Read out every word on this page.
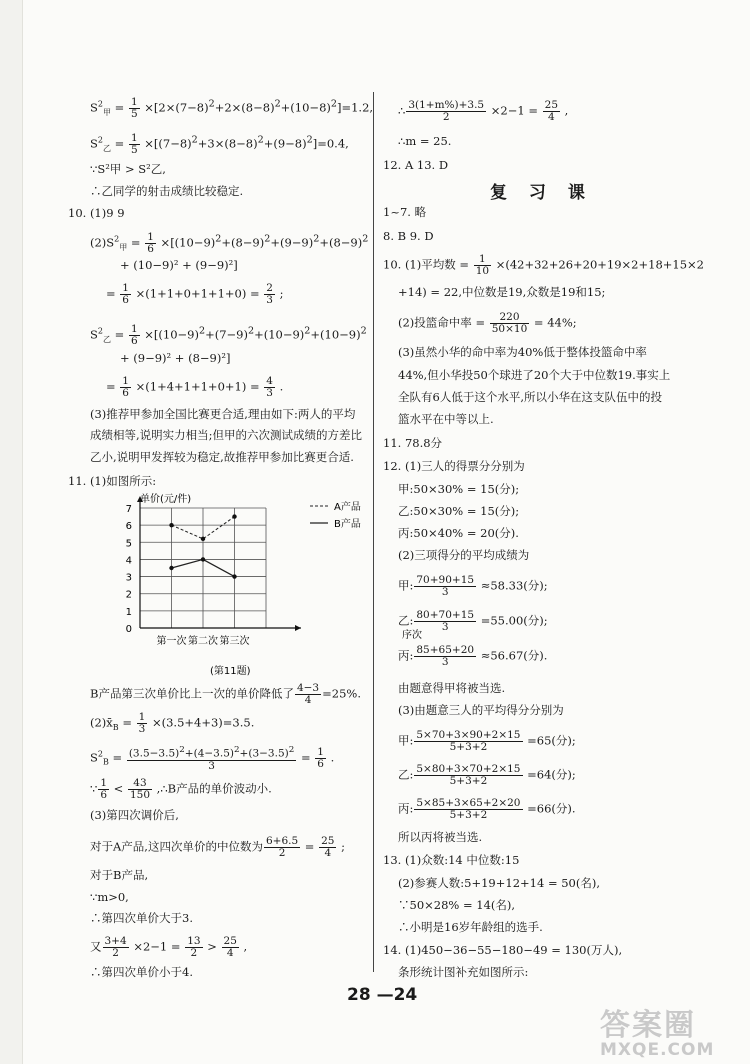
$S^2_甲 = \frac{1}{5} \times[2\times(7-8)^2+2\times(8-8)^2+(10-8)^2]=1.2$,
$S^2_乙 = \frac{1}{5} \times[(7-8)^2+3\times(8-8)^2+(9-8)^2]=0.4$,
∵S²甲 > S²乙,
∴乙同学的射击成绩比较稳定.
10. (1)9 9
$(2)S^2_甲 = \frac{1}{6} \times[(10-9)^2+(8-9)^2+(9-9)^2+(8-9)^2$
+ (10−9)² + (9−9)²]
= $\frac{1}{6} \times(1+1+0+1+1+0) = \frac{2}{3}$ ;
$S^2_乙 = \frac{1}{6} \times[(10-9)^2+(7-9)^2+(10-9)^2+(10-9)^2$
+ (9−9)² + (8−9)²]
= $\frac{1}{6} \times(1+4+1+1+0+1) = \frac{4}{3}$ .
(3)推荐甲参加全国比赛更合适,理由如下:两人的平均
成绩相等,说明实力相当;但甲的六次测试成绩的方差比
乙小,说明甲发挥较为稳定,故推荐甲参加比赛更合适.
11. (1)如图所示:
0
1
2
3
4
5
6
7
第一次 第二次 第三次
A产品
B产品
单价(元/件)
序次
(第11题)
B产品第三次单价比上一次的单价降低了 $\frac{4-3}{4} =25\%$.
$(2)x̄_B = \frac{1}{3} \times(3.5+4+3)=3.5$.
$S^2_B = \frac{(3.5-3.5)^2+(4-3.5)^2+(3-3.5)^2}{3} = \frac{1}{6}$ .
∵ $\frac{1}{6} < \frac{43}{150}$ ,∴B产品的单价波动小.
(3)第四次调价后,
对于A产品,这四次单价的中位数为 $\frac{6+6.5}{2} = \frac{25}{4}$ ;
对于B产品,
∵m>0,
∴第四次单价大于3.
又 $\frac{3+4}{2} \times 2-1 = \frac{13}{2} > \frac{25}{4}$ ,
∴第四次单价小于4.
∴ $\frac{3(1+m\%)+3.5}{2} \times 2-1 = \frac{25}{4}$ ,
∴m = 25.
12. A 13. D
复 习 课
1~7. 略
8. B 9. D
10. (1)平均数 = $\frac{1}{10} \times(42+32+26+20+19\times 2+18+15\times 2$
+14) = 22,中位数是19,众数是19和15;
(2)投篮命中率 = $\frac{220}{50\times 10} = 44\%$;
(3)虽然小华的命中率为40%低于整体投篮命中率
44%,但小华投50个球进了20个大于中位数19.事实上
全队有6人低于这个水平,所以小华在这支队伍中的投
篮水平在中等以上.
11. 78.8分
12. (1)三人的得票分分别为
甲:50×30% = 15(分);
乙:50×30% = 15(分);
丙:50×40% = 20(分).
(2)三项得分的平均成绩为
甲: $\frac{70+90+15}{3} \approx 58.33$(分);
乙: $\frac{80+70+15}{3} =55.00$(分);
丙: $\frac{85+65+20}{3} \approx 56.67$(分).
由题意得甲将被当选.
(3)由题意三人的平均得分分别为
甲: $\frac{5\times 70+3\times 90+2\times 15}{5+3+2} =65$(分);
乙: $\frac{5\times 80+3\times 70+2\times 15}{5+3+2} =64$(分);
丙: $\frac{5\times 85+3\times 65+2\times 20}{5+3+2} =66$(分).
所以丙将被当选.
13. (1)众数:14 中位数:15
(2)参赛人数:5+19+12+14 = 50(名),
∵50×28% = 14(名),
∴小明是16岁年龄组的选手.
14. (1)450−36−55−180−49 = 130(万人),
条形统计图补充如图所示:
28 —24
答案圈
MXQE.COM
